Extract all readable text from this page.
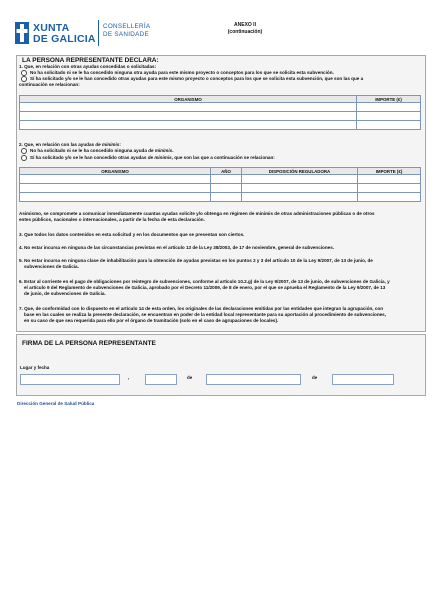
XUNTA
DE GALICIA
CONSELLERÍA
DE SANIDADE
ANEXO II
(continuación)
LA PERSONA REPRESENTANTE DECLARA:
1. Que, en relación con otras ayudas concedidas o solicitadas:
No ha solicitado ni se le ha concedido ninguna otra ayuda para este mismo proyecto o conceptos para los que se solicita esta subvención.
Sí ha solicitado y/o se le han concedido otras ayudas para este mismo proyecto o conceptos para los que se solicita esta subvención, que son las que a
continuación se relacionan:
ORGANISMO	IMPORTE (€)

2. Que, en relación con las ayudas de minimis:
No ha solicitado ni se le ha concedido ninguna ayuda de minimis.
Sí ha solicitado y/o se le han concedido otras ayudas de minimis, que son las que a continuación se relacionan:
ORGANISMO	AÑO	DISPOSICIÓN REGULADORA	IMPORTE (€)

Asimismo, se compromete a comunicar inmediatamente cuantas ayudas solicite y/o obtenga en régimen de minimis de otras administraciones públicas o de otros
entes públicos, nacionales o internacionales, a partir de la fecha de esta declaración.
3. Que todos los datos contenidos en esta solicitud y en los documentos que se presentan son ciertos.
4. No estar incursa en ninguna de las circunstancias previstas en el artículo 13 de la Ley 38/2003, de 17 de noviembre, general de subvenciones.
5. No estar incursa en ninguna clase de inhabilitación para la obtención de ayudas previstas en los puntos 2 y 3 del artículo 10 de la Ley 9/2007, de 13 de junio, de
subvenciones de Galicia.
6. Estar al corriente en el pago de obligaciones por reintegro de subvenciones, conforme al artículo 10.2.g) de la Ley 9/2007, de 13 de junio, de subvenciones de Galicia, y
el artículo 9 del Reglamento de subvenciones de Galicia, aprobado por el Decreto 11/2009, de 8 de enero, por el que se aprueba el Reglamento de la Ley 9/2007, de 13
de junio, de subvenciones de Galicia.
7. Que, de conformidad con lo dispuesto en el artículo 14 de esta orden, los originales de las declaraciones emitidas por las entidades que integran la agrupación, con
base en las cuales se realiza la presente declaración, se encuentran en poder de la entidad local representante para su aportación al procedimiento de subvenciones,
en su caso de que sea requerida para ello por el órgano de tramitación (solo en el caso de agrupaciones de locales).
FIRMA DE LA PERSONA REPRESENTANTE
Lugar y fecha
,	de	de
Dirección General de Salud Pública
